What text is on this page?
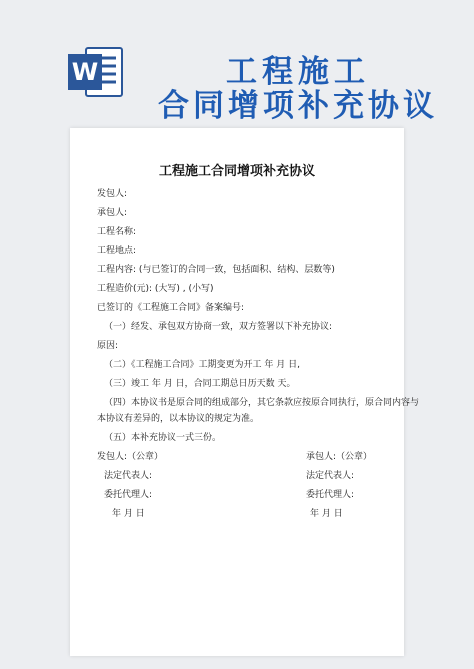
W	工程施工
合同增项补充协议
工程施工合同增项补充协议
发包人:
承包人:
工程名称:
工程地点:
工程内容: (与已签订的合同一致，包括面积、结构、层数等)
工程造价(元): (大写) , (小写)
已签订的《工程施工合同》备案编号:
（一）经发、承包双方协商一致，双方签署以下补充协议:
原因:
（二）《工程施工合同》工期变更为开工 年 月 日,
（三）竣工 年 月 日，合同工期总日历天数 天。
（四）本协议书是原合同的组成部分，其它条款应按原合同执行，原合同内容与
本协议有差异的，以本协议的规定为准。
（五）本补充协议一式三份。
发包人:（公章）
法定代表人:
委托代理人:
年 月 日
承包人:（公章）
法定代表人:
委托代理人:
年 月 日
